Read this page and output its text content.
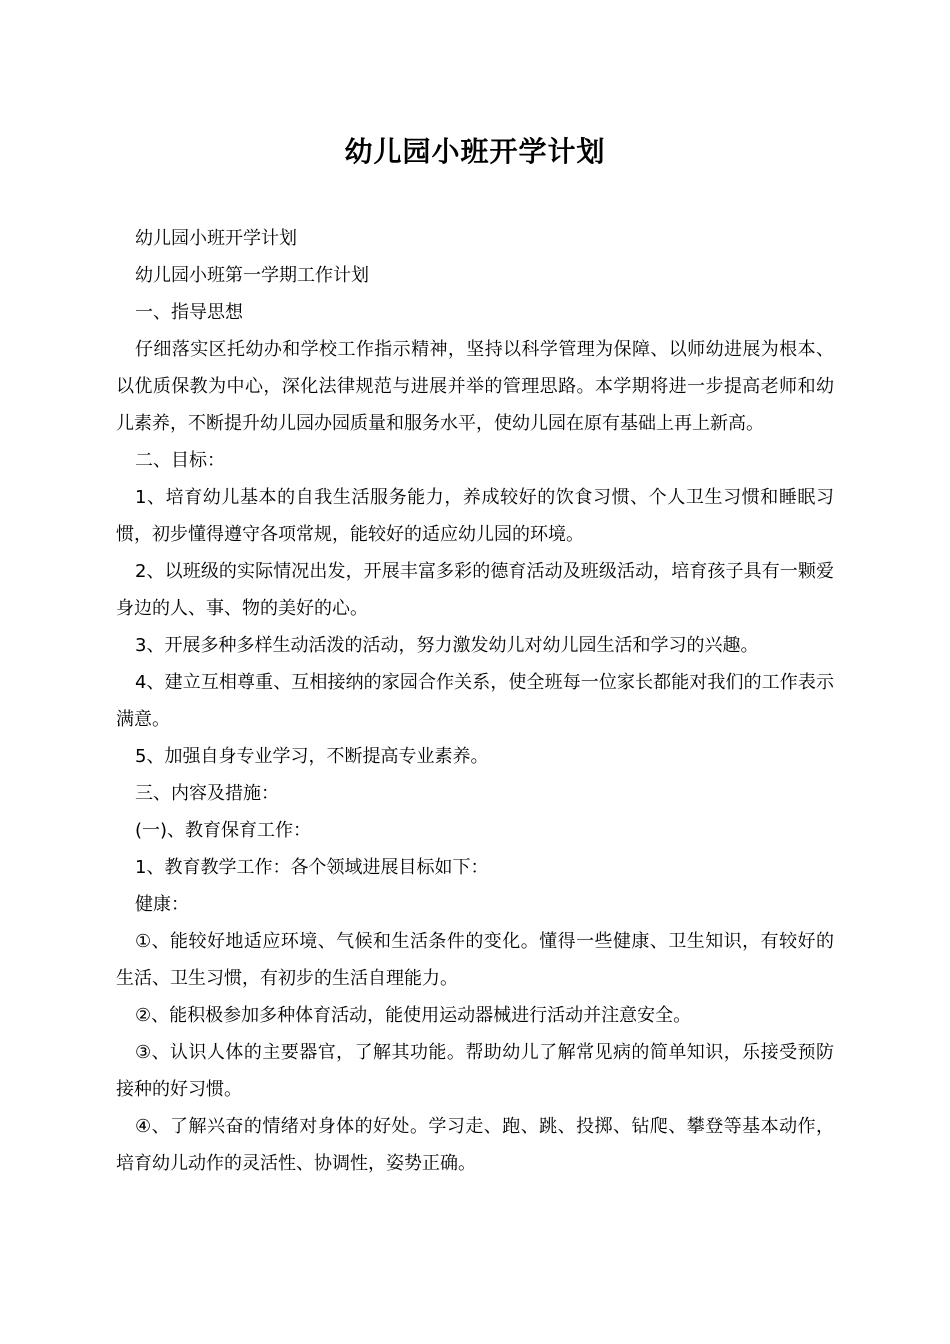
幼儿园小班开学计划

幼儿园小班开学计划

幼儿园小班第一学期工作计划

一、指导思想

仔细落实区托幼办和学校工作指示精神，坚持以科学管理为保障、以师幼进展为根本、以优质保教为中心，深化法律规范与进展并举的管理思路。本学期将进一步提高老师和幼儿素养，不断提升幼儿园办园质量和服务水平，使幼儿园在原有基础上再上新高。

二、目标：

1、培育幼儿基本的自我生活服务能力，养成较好的饮食习惯、个人卫生习惯和睡眠习惯，初步懂得遵守各项常规，能较好的适应幼儿园的环境。

2、以班级的实际情况出发，开展丰富多彩的德育活动及班级活动，培育孩子具有一颗爱身边的人、事、物的美好的心。

3、开展多种多样生动活泼的活动，努力激发幼儿对幼儿园生活和学习的兴趣。

4、建立互相尊重、互相接纳的家园合作关系，使全班每一位家长都能对我们的工作表示满意。

5、加强自身专业学习，不断提高专业素养。

三、内容及措施：

(一)、教育保育工作：

1、教育教学工作：各个领域进展目标如下：

健康：

①、能较好地适应环境、气候和生活条件的变化。懂得一些健康、卫生知识，有较好的生活、卫生习惯，有初步的生活自理能力。

②、能积极参加多种体育活动，能使用运动器械进行活动并注意安全。

③、认识人体的主要器官，了解其功能。帮助幼儿了解常见病的简单知识，乐接受预防接种的好习惯。

④、了解兴奋的情绪对身体的好处。学习走、跑、跳、投掷、钻爬、攀登等基本动作，培育幼儿动作的灵活性、协调性，姿势正确。
